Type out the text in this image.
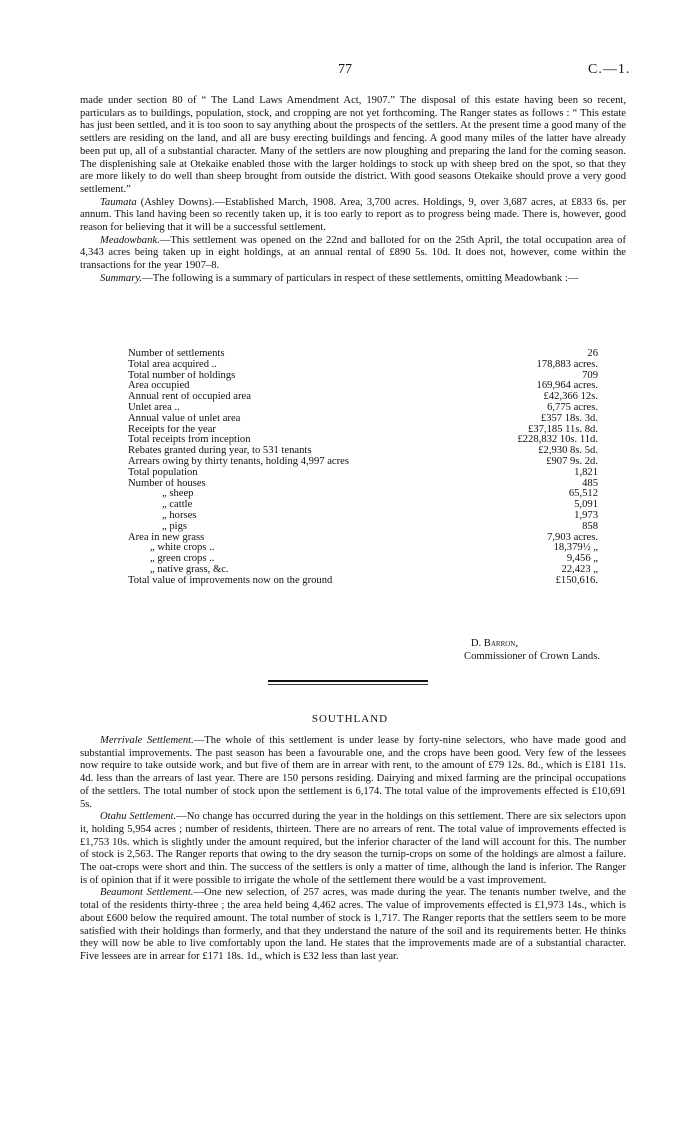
77	C.—1.

made under section 80 of “ The Land Laws Amendment Act, 1907.” The disposal of this estate having been so recent, particulars as to buildings, population, stock, and cropping are not yet forthcoming. The Ranger states as follows : “ This estate has just been settled, and it is too soon to say anything about the prospects of the settlers. At the present time a good many of the settlers are residing on the land, and all are busy erecting buildings and fencing. A good many miles of the latter have already been put up, all of a substantial character. Many of the settlers are now ploughing and preparing the land for the coming season. The displenishing sale at Otekaike enabled those with the larger holdings to stock up with sheep bred on the spot, so that they are more likely to do well than sheep brought from outside the district. With good seasons Otekaike should prove a very good settlement.”

Taumata (Ashley Downs).—Established March, 1908. Area, 3,700 acres. Holdings, 9, over 3,687 acres, at £833 6s. per annum. This land having been so recently taken up, it is too early to report as to progress being made. There is, however, good reason for believing that it will be a successful settlement.

Meadowbank.—This settlement was opened on the 22nd and balloted for on the 25th April, the total occupation area of 4,343 acres being taken up in eight holdings, at an annual rental of £890 5s. 10d. It does not, however, come within the transactions for the year 1907–8.

Summary.—The following is a summary of particulars in respect of these settlements, omitting Meadowbank :—

Number of settlements	26
Total area acquired ..	178,883 acres.
Total number of holdings	709
Area occupied	169,964 acres.
Annual rent of occupied area	£42,366 12s.
Unlet area ..	6,775 acres.
Annual value of unlet area	£357 18s. 3d.
Receipts for the year	£37,185 11s. 8d.
Total receipts from inception	£228,832 10s. 11d.
Rebates granted during year, to 531 tenants	£2,930 8s. 5d.
Arrears owing by thirty tenants, holding 4,997 acres	£907 9s. 2d.
Total population	1,821
Number of houses	485
„ sheep	65,512
„ cattle	5,091
„ horses	1,973
„ pigs	858
Area in new grass	7,903 acres.
„ white crops ..	18,379½ „
„ green crops ..	9,456 „
„ native grass, &c.	22,423 „
Total value of improvements now on the ground	£150,616.
D. Barron,
Commissioner of Crown Lands.
SOUTHLAND

Merrivale Settlement.—The whole of this settlement is under lease by forty-nine selectors, who have made good and substantial improvements. The past season has been a favourable one, and the crops have been good. Very few of the lessees now require to take outside work, and but five of them are in arrear with rent, to the amount of £79 12s. 8d., which is £181 11s. 4d. less than the arrears of last year. There are 150 persons residing. Dairying and mixed farming are the principal occupations of the settlers. The total number of stock upon the settlement is 6,174. The total value of the improvements effected is £10,691 5s.

Otahu Settlement.—No change has occurred during the year in the holdings on this settlement. There are six selectors upon it, holding 5,954 acres ; number of residents, thirteen. There are no arrears of rent. The total value of improvements effected is £1,753 10s. which is slightly under the amount required, but the inferior character of the land will account for this. The number of stock is 2,563. The Ranger reports that owing to the dry season the turnip-crops on some of the holdings are almost a failure. The oat-crops were short and thin. The success of the settlers is only a matter of time, although the land is inferior. The Ranger is of opinion that if it were possible to irrigate the whole of the settlement there would be a vast improvement.

Beaumont Settlement.—One new selection, of 257 acres, was made during the year. The tenants number twelve, and the total of the residents thirty-three ; the area held being 4,462 acres. The value of improvements effected is £1,973 14s., which is about £600 below the required amount. The total number of stock is 1,717. The Ranger reports that the settlers seem to be more satisfied with their holdings than formerly, and that they understand the nature of the soil and its requirements better. He thinks they will now be able to live comfortably upon the land. He states that the improvements made are of a substantial character. Five lessees are in arrear for £171 18s. 1d., which is £32 less than last year.
